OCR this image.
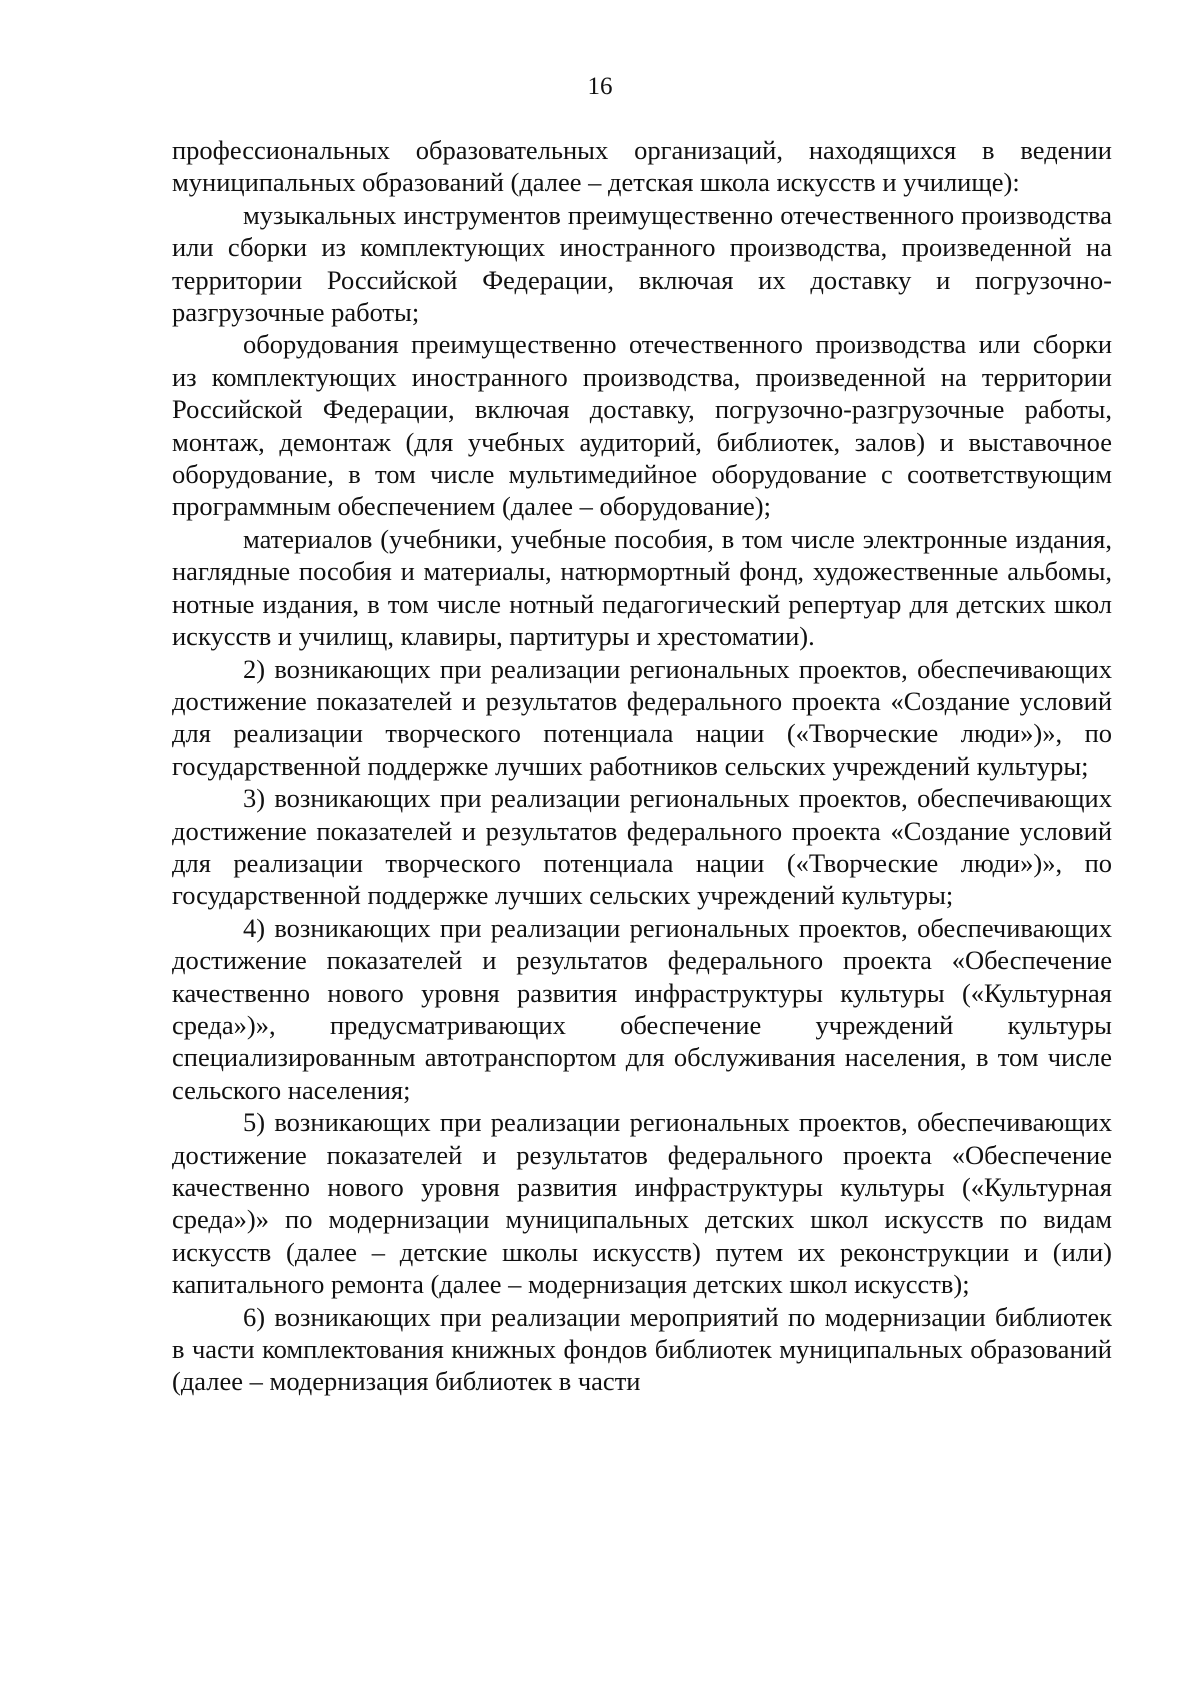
16

профессиональных образовательных организаций, находящихся в ведении муниципальных образований (далее – детская школа искусств и училище):

музыкальных инструментов преимущественно отечественного производства или сборки из комплектующих иностранного производства, произведенной на территории Российской Федерации, включая их доставку и погрузочно-разгрузочные работы;

оборудования преимущественно отечественного производства или сборки из комплектующих иностранного производства, произведенной на территории Российской Федерации, включая доставку, погрузочно-разгрузочные работы, монтаж, демонтаж (для учебных аудиторий, библиотек, залов) и выставочное оборудование, в том числе мультимедийное оборудование с соответствующим программным обеспечением (далее – оборудование);

материалов (учебники, учебные пособия, в том числе электронные издания, наглядные пособия и материалы, натюрмортный фонд, художественные альбомы, нотные издания, в том числе нотный педагогический репертуар для детских школ искусств и училищ, клавиры, партитуры и хрестоматии).

2) возникающих при реализации региональных проектов, обеспечивающих достижение показателей и результатов федерального проекта «Создание условий для реализации творческого потенциала нации («Творческие люди»)», по государственной поддержке лучших работников сельских учреждений культуры;

3) возникающих при реализации региональных проектов, обеспечивающих достижение показателей и результатов федерального проекта «Создание условий для реализации творческого потенциала нации («Творческие люди»)», по государственной поддержке лучших сельских учреждений культуры;

4) возникающих при реализации региональных проектов, обеспечивающих достижение показателей и результатов федерального проекта «Обеспечение качественно нового уровня развития инфраструктуры культуры («Культурная среда»)», предусматривающих обеспечение учреждений культуры специализированным автотранспортом для обслуживания населения, в том числе сельского населения;

5) возникающих при реализации региональных проектов, обеспечивающих достижение показателей и результатов федерального проекта «Обеспечение качественно нового уровня развития инфраструктуры культуры («Культурная среда»)» по модернизации муниципальных детских школ искусств по видам искусств (далее – детские школы искусств) путем их реконструкции и (или) капитального ремонта (далее – модернизация детских школ искусств);

6) возникающих при реализации мероприятий по модернизации библиотек в части комплектования книжных фондов библиотек муниципальных образований (далее – модернизация библиотек в части
